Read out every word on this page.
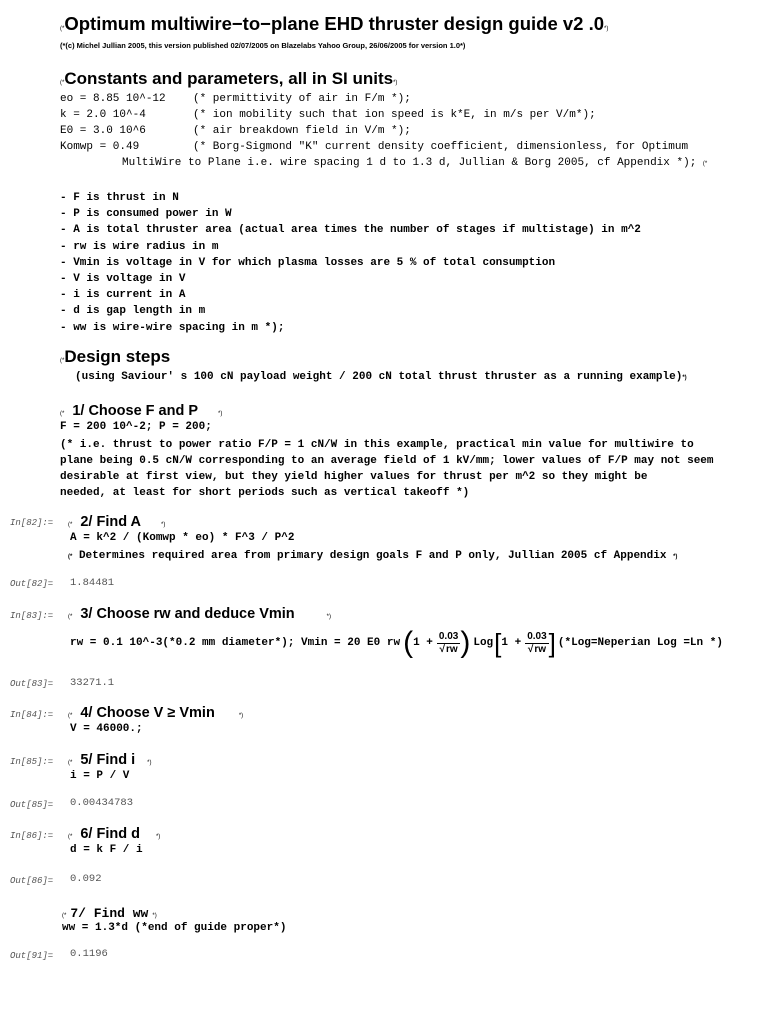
(*Optimum multiwire−to−plane EHD thruster design guide v2 .0*)
(*(c) Michel Jullian 2005, this version published 02/07/2005 on Blazelabs Yahoo Group, 26/06/2005 for version 1.0*)
(*Constants and parameters, all in SI units*)
eo = 8.85 10^-12 (* permittivity of air in F/m *);
k = 2.0 10^-4	(* ion mobility such that ion speed is k*E, in m/s per V/m*);
E0 = 3.0 10^6	(* air breakdown field in V/m *);
Komwp = 0.49	(* Borg-Sigmond "K" current density coefficient, dimensionless, for Optimum
MultiWire to Plane i.e. wire spacing 1 d to 1.3 d, Jullian & Borg 2005, cf Appendix *); (*
- F is thrust in N
- P is consumed power in W
- A is total thruster area (actual area times the number of stages if multistage) in m^2
- rw is wire radius in m
- Vmin is voltage in V for which plasma losses are 5 % of total consumption
- V is voltage in V
- i is current in A
- d is gap length in m
- ww is wire-wire spacing in m *);
(*Design steps
(using Saviour' s 100 cN payload weight / 200 cN total thrust thruster as a running example)*)
(* 1/ Choose F and P	*)
F = 200 10^-2; P = 200;
(* i.e. thrust to power ratio F/P = 1 cN/W in this example, practical min value for multiwire to
plane being 0.5 cN/W corresponding to an average field of 1 kV/mm; lower values of F/P may not seem
desirable at first view, but they yield higher values for thrust per m^2 so they might be
needed, at least for short periods such as vertical takeoff *)
In[82]:= (* 2/ Find A	*)
A = k^2 / (Komwp * eo) * F^3 / P^2
(* Determines required area from primary design goals F and P only, Jullian 2005 cf Appendix *)
Out[82]= 1.84481
In[83]:= (* 3/ Choose rw and deduce Vmin	*)
rw = 0.1 10^-3(*0.2 mm diameter*); Vmin = 20 E0 rw ( $1 + \frac{0.03}{√rw}$ ) Log [ $1 + \frac{0.03}{√rw}$ ] (*Log=Neperian Log =Ln *)
Out[83]= 33271.1
In[84]:= (* 4/ Choose V ≥ Vmin	*)
V = 46000.;
In[85]:= (* 5/ Find i *)
i = P / V
Out[85]= 0.00434783
In[86]:= (* 6/ Find d	*)
d = k F / i
Out[86]= 0.092
(* 7/ Find ww *)
ww = 1.3*d (*end of guide proper*)
Out[91]= 0.1196
